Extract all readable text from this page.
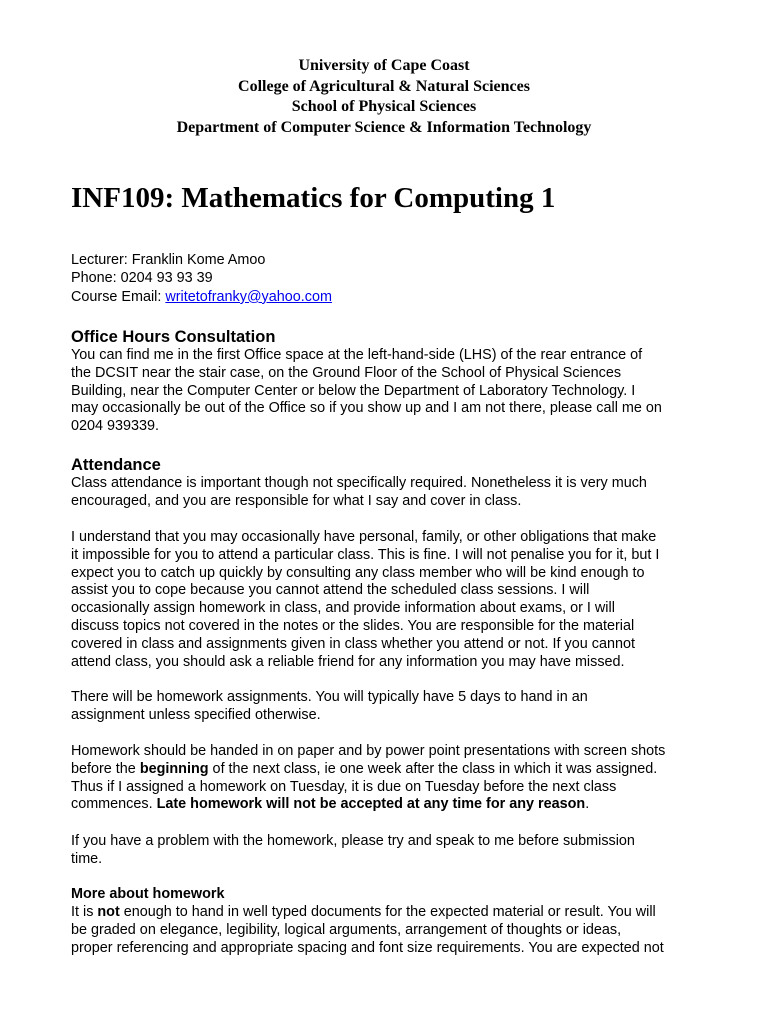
University of Cape Coast
College of Agricultural & Natural Sciences
School of Physical Sciences
Department of Computer Science & Information Technology
INF109: Mathematics for Computing 1
Lecturer: Franklin Kome Amoo
Phone: 0204 93 93 39
Course Email: writetofranky@yahoo.com
Office Hours Consultation
You can find me in the first Office space at the left-hand-side (LHS) of the rear entrance of
the DCSIT near the stair case, on the Ground Floor of the School of Physical Sciences
Building, near the Computer Center or below the Department of Laboratory Technology. I
may occasionally be out of the Office so if you show up and I am not there, please call me on
0204 939339.
Attendance
Class attendance is important though not specifically required. Nonetheless it is very much
encouraged, and you are responsible for what I say and cover in class.
I understand that you may occasionally have personal, family, or other obligations that make
it impossible for you to attend a particular class. This is fine. I will not penalise you for it, but I
expect you to catch up quickly by consulting any class member who will be kind enough to
assist you to cope because you cannot attend the scheduled class sessions. I will
occasionally assign homework in class, and provide information about exams, or I will
discuss topics not covered in the notes or the slides. You are responsible for the material
covered in class and assignments given in class whether you attend or not. If you cannot
attend class, you should ask a reliable friend for any information you may have missed.
There will be homework assignments. You will typically have 5 days to hand in an
assignment unless specified otherwise.
Homework should be handed in on paper and by power point presentations with screen shots
before the beginning of the next class, ie one week after the class in which it was assigned.
Thus if I assigned a homework on Tuesday, it is due on Tuesday before the next class
commences. Late homework will not be accepted at any time for any reason.
If you have a problem with the homework, please try and speak to me before submission
time.
More about homework
It is not enough to hand in well typed documents for the expected material or result. You will
be graded on elegance, legibility, logical arguments, arrangement of thoughts or ideas,
proper referencing and appropriate spacing and font size requirements. You are expected not
